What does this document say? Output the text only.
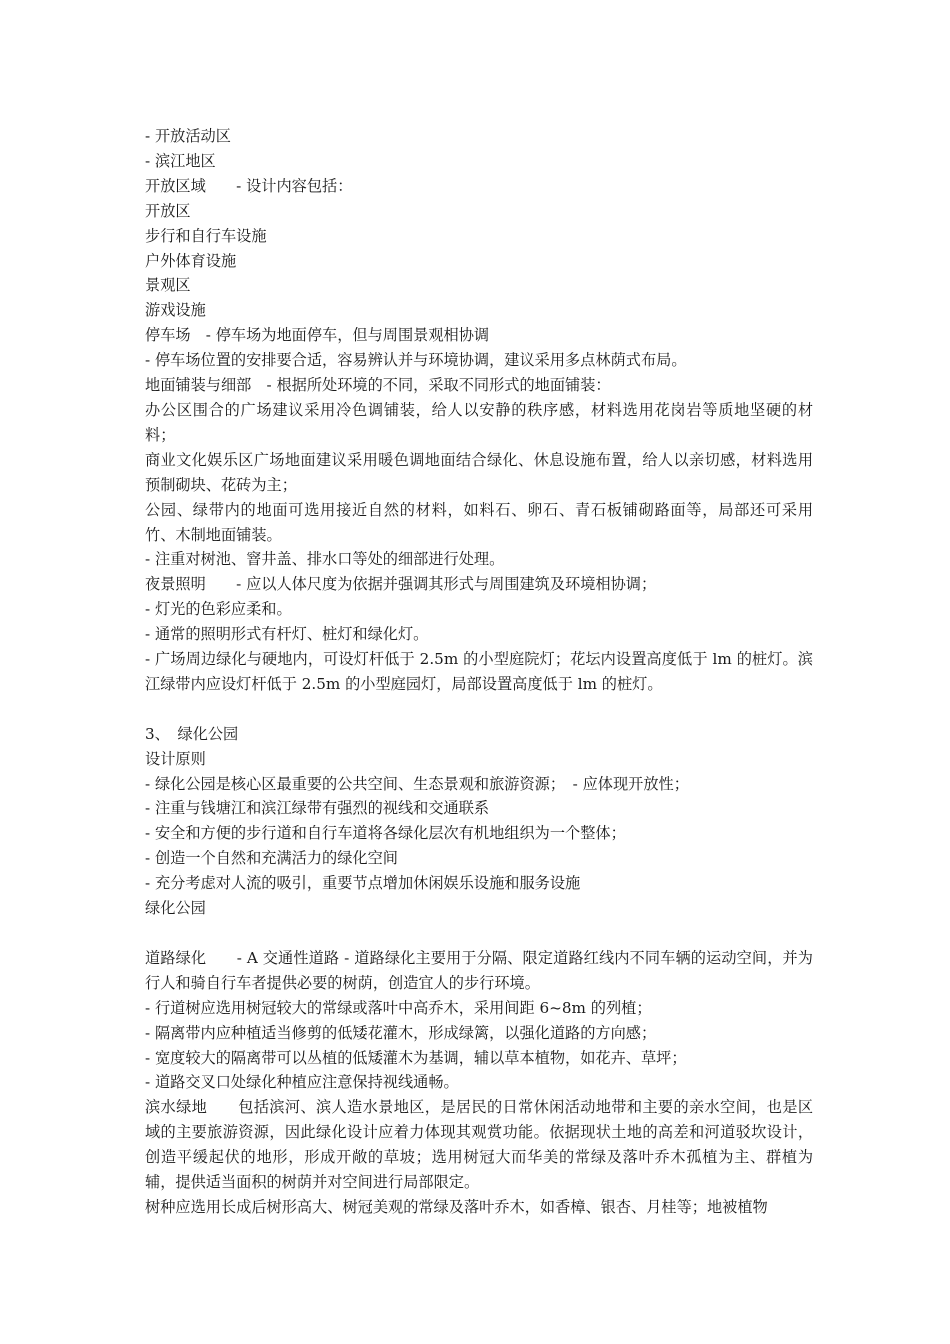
- 开放活动区

- 滨江地区

开放区域　　- 设计内容包括：

开放区

步行和自行车设施

户外体育设施

景观区

游戏设施

停车场　- 停车场为地面停车，但与周围景观相协调

- 停车场位置的安排要合适，容易辨认并与环境协调，建议采用多点林荫式布局。

地面铺装与细部　- 根据所处环境的不同，采取不同形式的地面铺装：

办公区围合的广场建议采用冷色调铺装，给人以安静的秩序感，材料选用花岗岩等质地坚硬的材料；

商业文化娱乐区广场地面建议采用暖色调地面结合绿化、休息设施布置，给人以亲切感，材料选用预制砌块、花砖为主；

公园、绿带内的地面可选用接近自然的材料，如料石、卵石、青石板铺砌路面等，局部还可采用竹、木制地面铺装。

- 注重对树池、窨井盖、排水口等处的细部进行处理。

夜景照明　　- 应以人体尺度为依据并强调其形式与周围建筑及环境相协调；

- 灯光的色彩应柔和。

- 通常的照明形式有杆灯、桩灯和绿化灯。

- 广场周边绿化与硬地内，可设灯杆低于 2.5m 的小型庭院灯；花坛内设置高度低于 lm 的桩灯。滨江绿带内应设灯杆低于 2.5m 的小型庭园灯，局部设置高度低于 lm 的桩灯。

3、　绿化公园

设计原则

- 绿化公园是核心区最重要的公共空间、生态景观和旅游资源；　- 应体现开放性；

- 注重与钱塘江和滨江绿带有强烈的视线和交通联系

- 安全和方便的步行道和自行车道将各绿化层次有机地组织为一个整体；

- 创造一个自然和充满活力的绿化空间

- 充分考虑对人流的吸引，重要节点增加休闲娱乐设施和服务设施

绿化公园

道路绿化　　- A 交通性道路 - 道路绿化主要用于分隔、限定道路红线内不同车辆的运动空间，并为行人和骑自行车者提供必要的树荫，创造宜人的步行环境。

- 行道树应选用树冠较大的常绿或落叶中高乔木，采用间距 6~8m 的列植；

- 隔离带内应种植适当修剪的低矮花灌木，形成绿篱，以强化道路的方向感；

- 宽度较大的隔离带可以丛植的低矮灌木为基调，辅以草本植物，如花卉、草坪；

- 道路交叉口处绿化种植应注意保持视线通畅。

滨水绿地　　包括滨河、滨人造水景地区，是居民的日常休闲活动地带和主要的亲水空间，也是区域的主要旅游资源，因此绿化设计应着力体现其观赏功能。依据现状土地的高差和河道驳坎设计，创造平缓起伏的地形，形成开敞的草坡；选用树冠大而华美的常绿及落叶乔木孤植为主、群植为辅，提供适当面积的树荫并对空间进行局部限定。

树种应选用长成后树形高大、树冠美观的常绿及落叶乔木，如香樟、银杏、月桂等；地被植物
